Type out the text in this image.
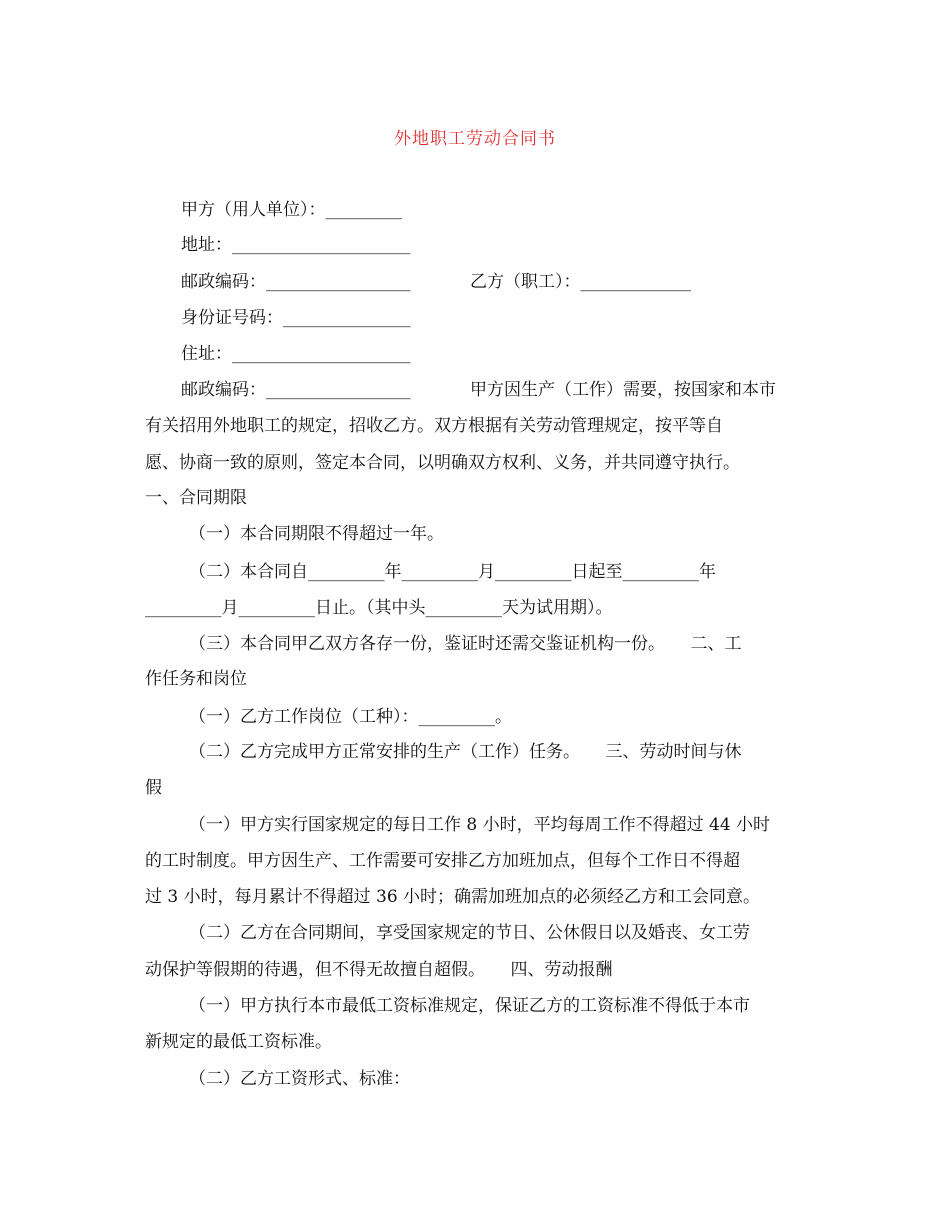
外地职工劳动合同书
甲方（用人单位）：_________
地址：_____________________
邮政编码：_________________	乙方（职工）：_____________
身份证号码：_______________
住址：_____________________
邮政编码：_________________	甲方因生产（工作）需要，按国家和本市
有关招用外地职工的规定，招收乙方。双方根据有关劳动管理规定，按平等自
愿、协商一致的原则，签定本合同，以明确双方权利、义务，并共同遵守执行。
一、合同期限
（一）本合同期限不得超过一年。
（二）本合同自_________年_________月_________日起至_________年
_________月_________日止。（其中头_________天为试用期）。
（三）本合同甲乙双方各存一份，鉴证时还需交鉴证机构一份。　　二、工
作任务和岗位
（一）乙方工作岗位（工种）：_________。
（二）乙方完成甲方正常安排的生产（工作）任务。　　三、劳动时间与休
假
（一）甲方实行国家规定的每日工作 8 小时，平均每周工作不得超过 44 小时
的工时制度。甲方因生产、工作需要可安排乙方加班加点，但每个工作日不得超
过 3 小时，每月累计不得超过 36 小时；确需加班加点的必须经乙方和工会同意。
（二）乙方在合同期间，享受国家规定的节日、公休假日以及婚丧、女工劳
动保护等假期的待遇，但不得无故擅自超假。　　四、劳动报酬
（一）甲方执行本市最低工资标准规定，保证乙方的工资标准不得低于本市
新规定的最低工资标准。
（二）乙方工资形式、标准：
